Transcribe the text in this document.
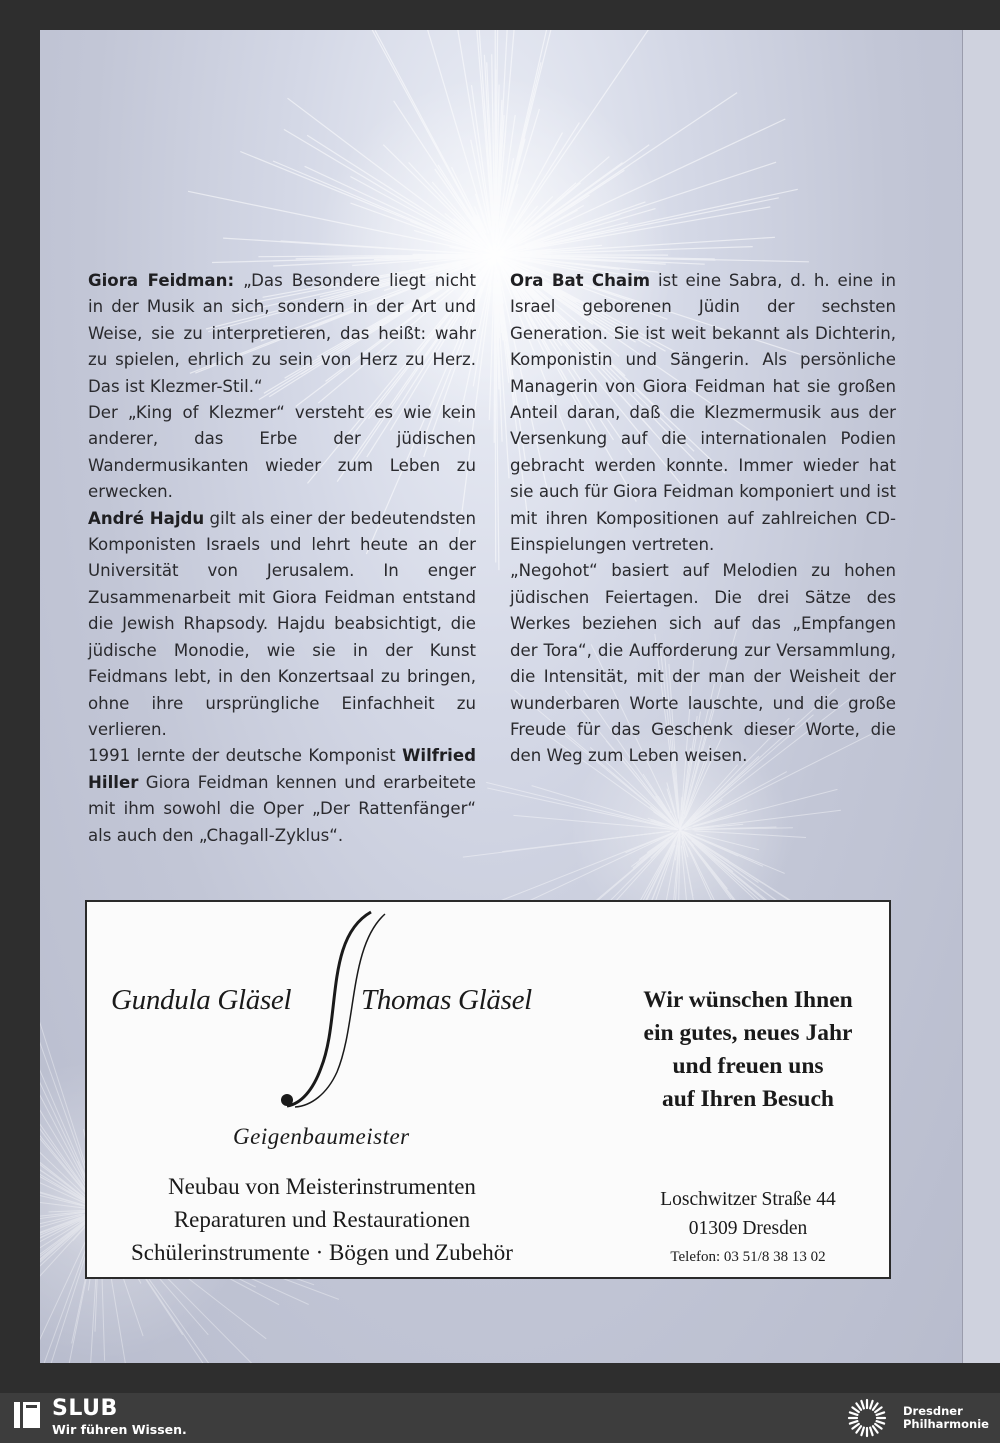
Giora Feidman: „Das Besondere liegt nicht in der Musik an sich, sondern in der Art und Weise, sie zu interpretieren, das heißt: wahr zu spielen, ehrlich zu sein von Herz zu Herz. Das ist Klezmer-Stil.“

Der „King of Klezmer“ versteht es wie kein anderer, das Erbe der jüdischen Wandermusikanten wieder zum Leben zu erwecken.

André Hajdu gilt als einer der bedeutendsten Komponisten Israels und lehrt heute an der Universität von Jerusalem. In enger Zusammenarbeit mit Giora Feidman entstand die Jewish Rhapsody. Hajdu beabsichtigt, die jüdische Monodie, wie sie in der Kunst Feidmans lebt, in den Konzertsaal zu bringen, ohne ihre ursprüngliche Einfachheit zu verlieren.

1991 lernte der deutsche Komponist Wilfried Hiller Giora Feidman kennen und erarbeitete mit ihm sowohl die Oper „Der Rattenfänger“ als auch den „Chagall-Zyklus“.

Ora Bat Chaim ist eine Sabra, d. h. eine in Israel geborenen Jüdin der sechsten Generation. Sie ist weit bekannt als Dichterin, Komponistin und Sängerin. Als persönliche Managerin von Giora Feidman hat sie großen Anteil daran, daß die Klezmermusik aus der Versenkung auf die internationalen Podien gebracht werden konnte. Immer wieder hat sie auch für Giora Feidman komponiert und ist mit ihren Kompositionen auf zahlreichen CD-Einspielungen vertreten.

„Negohot“ basiert auf Melodien zu hohen jüdischen Feiertagen. Die drei Sätze des Werkes beziehen sich auf das „Empfangen der Tora“, die Aufforderung zur Versammlung, die Intensität, mit der man der Weisheit der wunderbaren Worte lauschte, und die große Freude für das Geschenk dieser Worte, die den Weg zum Leben weisen.

Gundula Gläsel Thomas Gläsel
Geigenbaumeister
Neubau von Meisterinstrumenten
Reparaturen und Restaurationen
Schülerinstrumente · Bögen und Zubehör
Wir wünschen Ihnen
ein gutes, neues Jahr
und freuen uns
auf Ihren Besuch
Loschwitzer Straße 44
01309 Dresden
Telefon: 03 51/8 38 13 02
SLUB
Wir führen Wissen.
Dresdner
Philharmonie
